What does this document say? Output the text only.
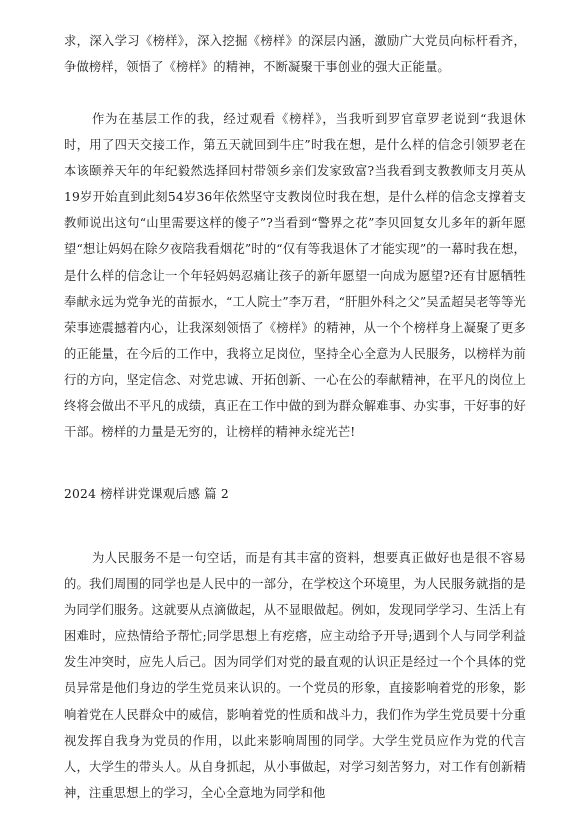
求，深入学习《榜样》，深入挖掘《榜样》的深层内涵，激励广大党员向标杆看齐，争做榜样，领悟了《榜样》的精神，不断凝聚干事创业的强大正能量。

作为在基层工作的我，经过观看《榜样》，当我听到罗官章罗老说到“我退休时，用了四天交接工作，第五天就回到牛庄”时我在想，是什么样的信念引领罗老在本该颐养天年的年纪毅然选择回村带领乡亲们发家致富?当我看到支教教师支月英从19岁开始直到此刻54岁36年依然坚守支教岗位时我在想，是什么样的信念支撑着支教师说出这句“山里需要这样的傻子”?当看到“警界之花”李贝回复女儿多年的新年愿望“想让妈妈在除夕夜陪我看烟花”时的“仅有等我退休了才能实现”的一幕时我在想，是什么样的信念让一个年轻妈妈忍痛让孩子的新年愿望一向成为愿望?还有甘愿牺牲奉献永远为党争光的苗振水，“工人院士”李万君，“肝胆外科之父”吴孟超吴老等等光荣事迹震撼着内心，让我深刻领悟了《榜样》的精神，从一个个榜样身上凝聚了更多的正能量，在今后的工作中，我将立足岗位，坚持全心全意为人民服务，以榜样为前行的方向，坚定信念、对党忠诚、开拓创新、一心在公的奉献精神，在平凡的岗位上终将会做出不平凡的成绩，真正在工作中做的到为群众解难事、办实事，干好事的好干部。榜样的力量是无穷的，让榜样的精神永绽光芒!

2024 榜样讲党课观后感 篇 2

为人民服务不是一句空话，而是有其丰富的资料，想要真正做好也是很不容易的。我们周围的同学也是人民中的一部分，在学校这个环境里，为人民服务就指的是为同学们服务。这就要从点滴做起，从不显眼做起。例如，发现同学学习、生活上有困难时，应热情给予帮忙;同学思想上有疙瘩，应主动给予开导;遇到个人与同学利益发生冲突时，应先人后己。因为同学们对党的最直观的认识正是经过一个个具体的党员异常是他们身边的学生党员来认识的。一个党员的形象，直接影响着党的形象，影响着党在人民群众中的威信，影响着党的性质和战斗力，我们作为学生党员要十分重视发挥自我身为党员的作用，以此来影响周围的同学。大学生党员应作为党的代言人，大学生的带头人。从自身抓起，从小事做起，对学习刻苦努力，对工作有创新精神，注重思想上的学习，全心全意地为同学和他
